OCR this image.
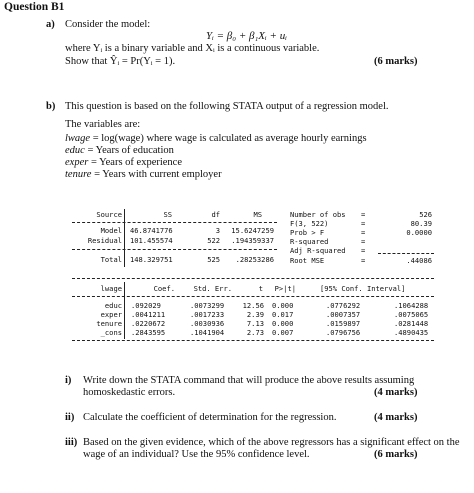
Question B1
a) Consider the model:
Yᵢ = β₀ + β₁Xᵢ + uᵢ
where Yᵢ is a binary variable and Xᵢ is a continuous variable.
Show that Ŷᵢ = Pr(Yᵢ = 1).	(6 marks)
b) This question is based on the following STATA output of a regression model.
The variables are:
lwage = log(wage) where wage is calculated as average hourly earnings
educ = Years of education
exper = Years of experience
tenure = Years with current employer
Source	SS	df	MS
Model 46.8741776	3	15.6247259
Residual 101.455574	522	.194359337
Total 148.329751	525	.28253286
Number of obs =	526
F(3, 522)	=	80.39
Prob > F	=	0.0000
R-squared	=
Adj R-squared =
Root MSE	=	.44086
lwage	Coef.	Std. Err.	t	P>|t|	[95% Conf. Interval]
educ .092029	.0073299	12.56 0.000	.0776292	.1064288
exper .0041211	.0017233	2.39 0.017	.0007357	.0075065
tenure .0220672	.0030936	7.13 0.000	.0159897	.0281448
_cons .2843595	.1041904	2.73 0.007	.0796756	.4890435
i) Write down the STATA command that will produce the above results assuming
homoskedastic errors.	(4 marks)
ii) Calculate the coefficient of determination for the regression.	(4 marks)
iii) Based on the given evidence, which of the above regressors has a significant effect on the
wage of an individual? Use the 95% confidence level.	(6 marks)
